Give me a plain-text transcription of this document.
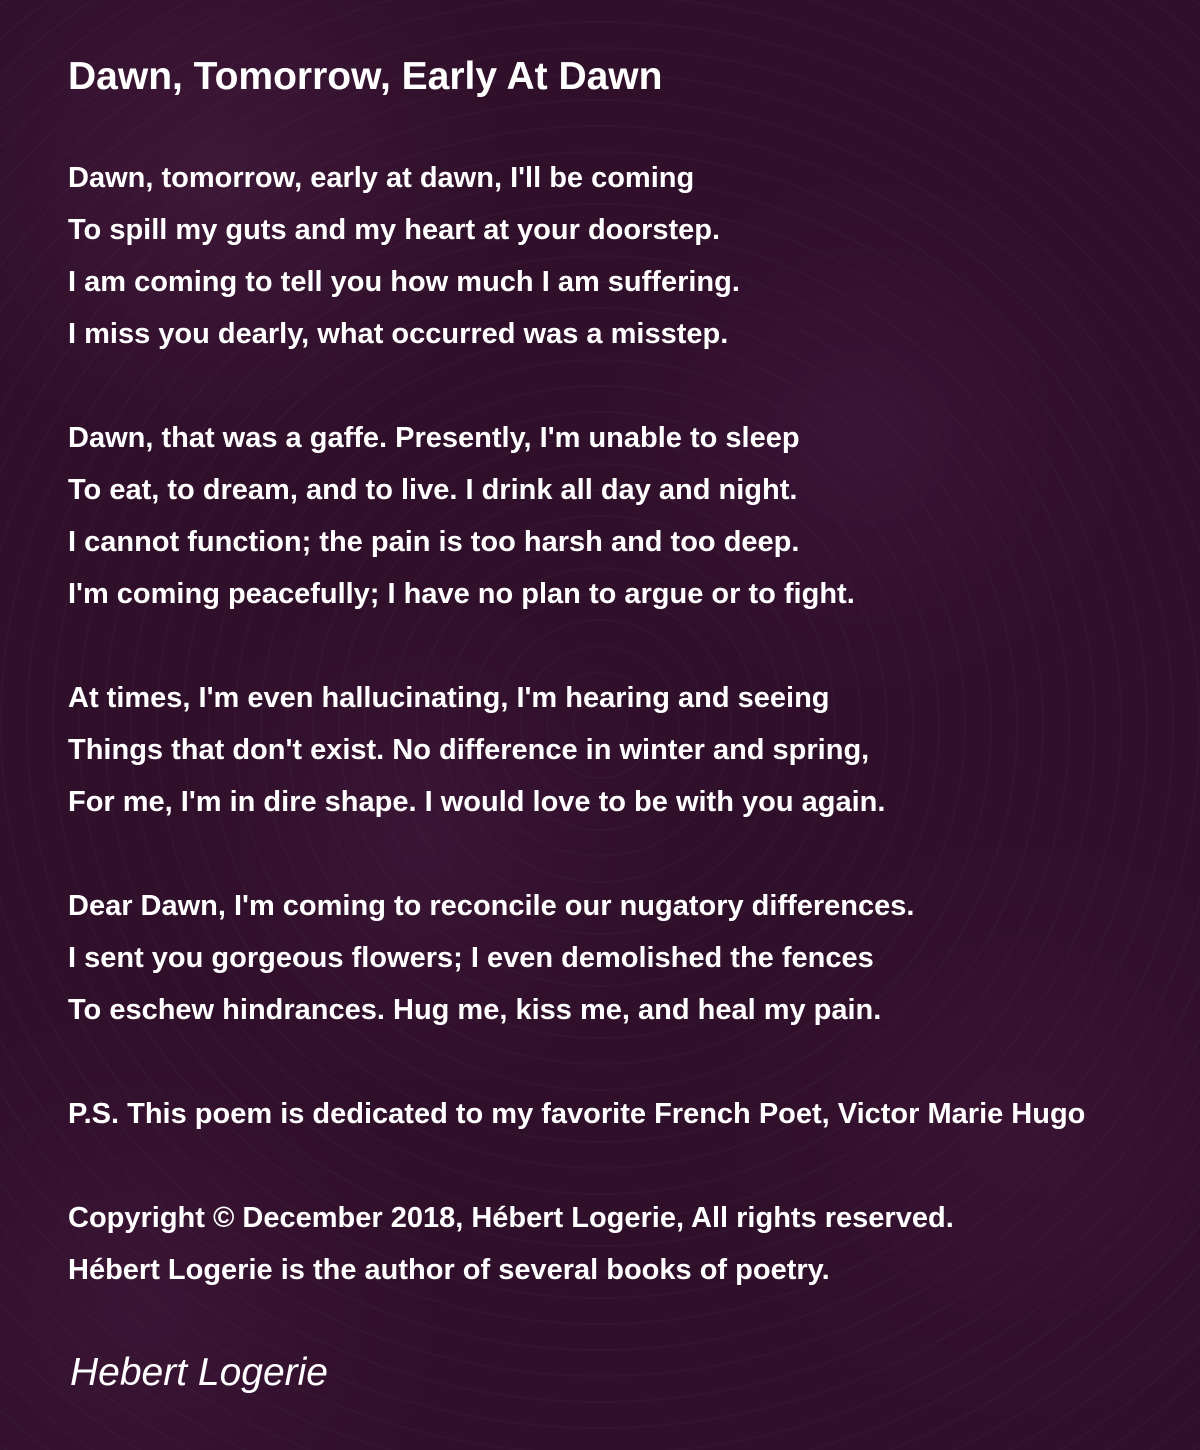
Dawn, Tomorrow, Early At Dawn
Dawn, tomorrow, early at dawn, I'll be coming
To spill my guts and my heart at your doorstep.
I am coming to tell you how much I am suffering.
I miss you dearly, what occurred was a misstep.
Dawn, that was a gaffe. Presently, I'm unable to sleep
To eat, to dream, and to live. I drink all day and night.
I cannot function; the pain is too harsh and too deep.
I'm coming peacefully; I have no plan to argue or to fight.
At times, I'm even hallucinating, I'm hearing and seeing
Things that don't exist. No difference in winter and spring,
For me, I'm in dire shape. I would love to be with you again.
Dear Dawn, I'm coming to reconcile our nugatory differences.
I sent you gorgeous flowers; I even demolished the fences
To eschew hindrances. Hug me, kiss me, and heal my pain.
P.S. This poem is dedicated to my favorite French Poet, Victor Marie Hugo
Copyright © December 2018, Hébert Logerie, All rights reserved.
Hébert Logerie is the author of several books of poetry.
Hebert Logerie
